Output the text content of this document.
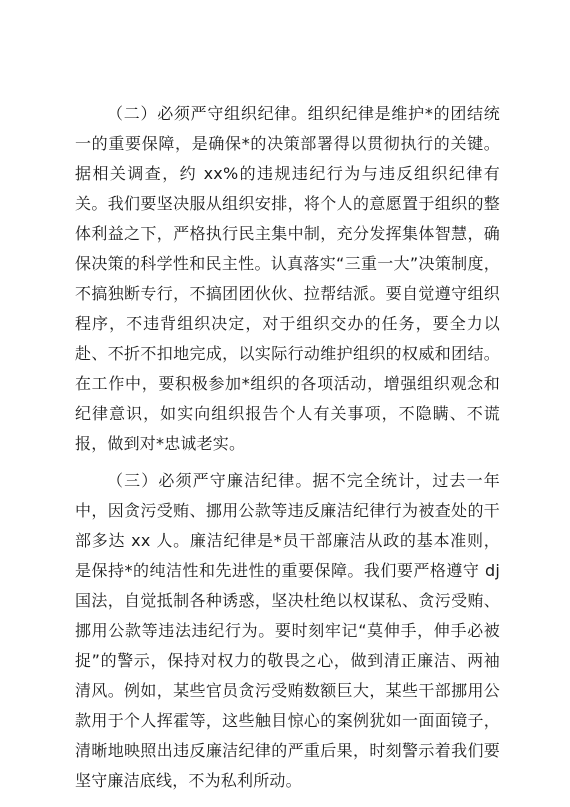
（二）必须严守组织纪律。组织纪律是维护*的团结统一的重要保障，是确保*的决策部署得以贯彻执行的关键。据相关调查，约 xx%的违规违纪行为与违反组织纪律有关。我们要坚决服从组织安排，将个人的意愿置于组织的整体利益之下，严格执行民主集中制，充分发挥集体智慧，确保决策的科学性和民主性。认真落实“三重一大”决策制度，不搞独断专行，不搞团团伙伙、拉帮结派。要自觉遵守组织程序，不违背组织决定，对于组织交办的任务，要全力以赴、不折不扣地完成，以实际行动维护组织的权威和团结。在工作中，要积极参加*组织的各项活动，增强组织观念和纪律意识，如实向组织报告个人有关事项，不隐瞒、不谎报，做到对*忠诚老实。

（三）必须严守廉洁纪律。据不完全统计，过去一年中，因贪污受贿、挪用公款等违反廉洁纪律行为被查处的干部多达 xx 人。廉洁纪律是*员干部廉洁从政的基本准则，是保持*的纯洁性和先进性的重要保障。我们要严格遵守 dj 国法，自觉抵制各种诱惑，坚决杜绝以权谋私、贪污受贿、挪用公款等违法违纪行为。要时刻牢记“莫伸手，伸手必被捉”的警示，保持对权力的敬畏之心，做到清正廉洁、两袖清风。例如，某些官员贪污受贿数额巨大，某些干部挪用公款用于个人挥霍等，这些触目惊心的案例犹如一面面镜子，清晰地映照出违反廉洁纪律的严重后果，时刻警示着我们要坚守廉洁底线，不为私利所动。
